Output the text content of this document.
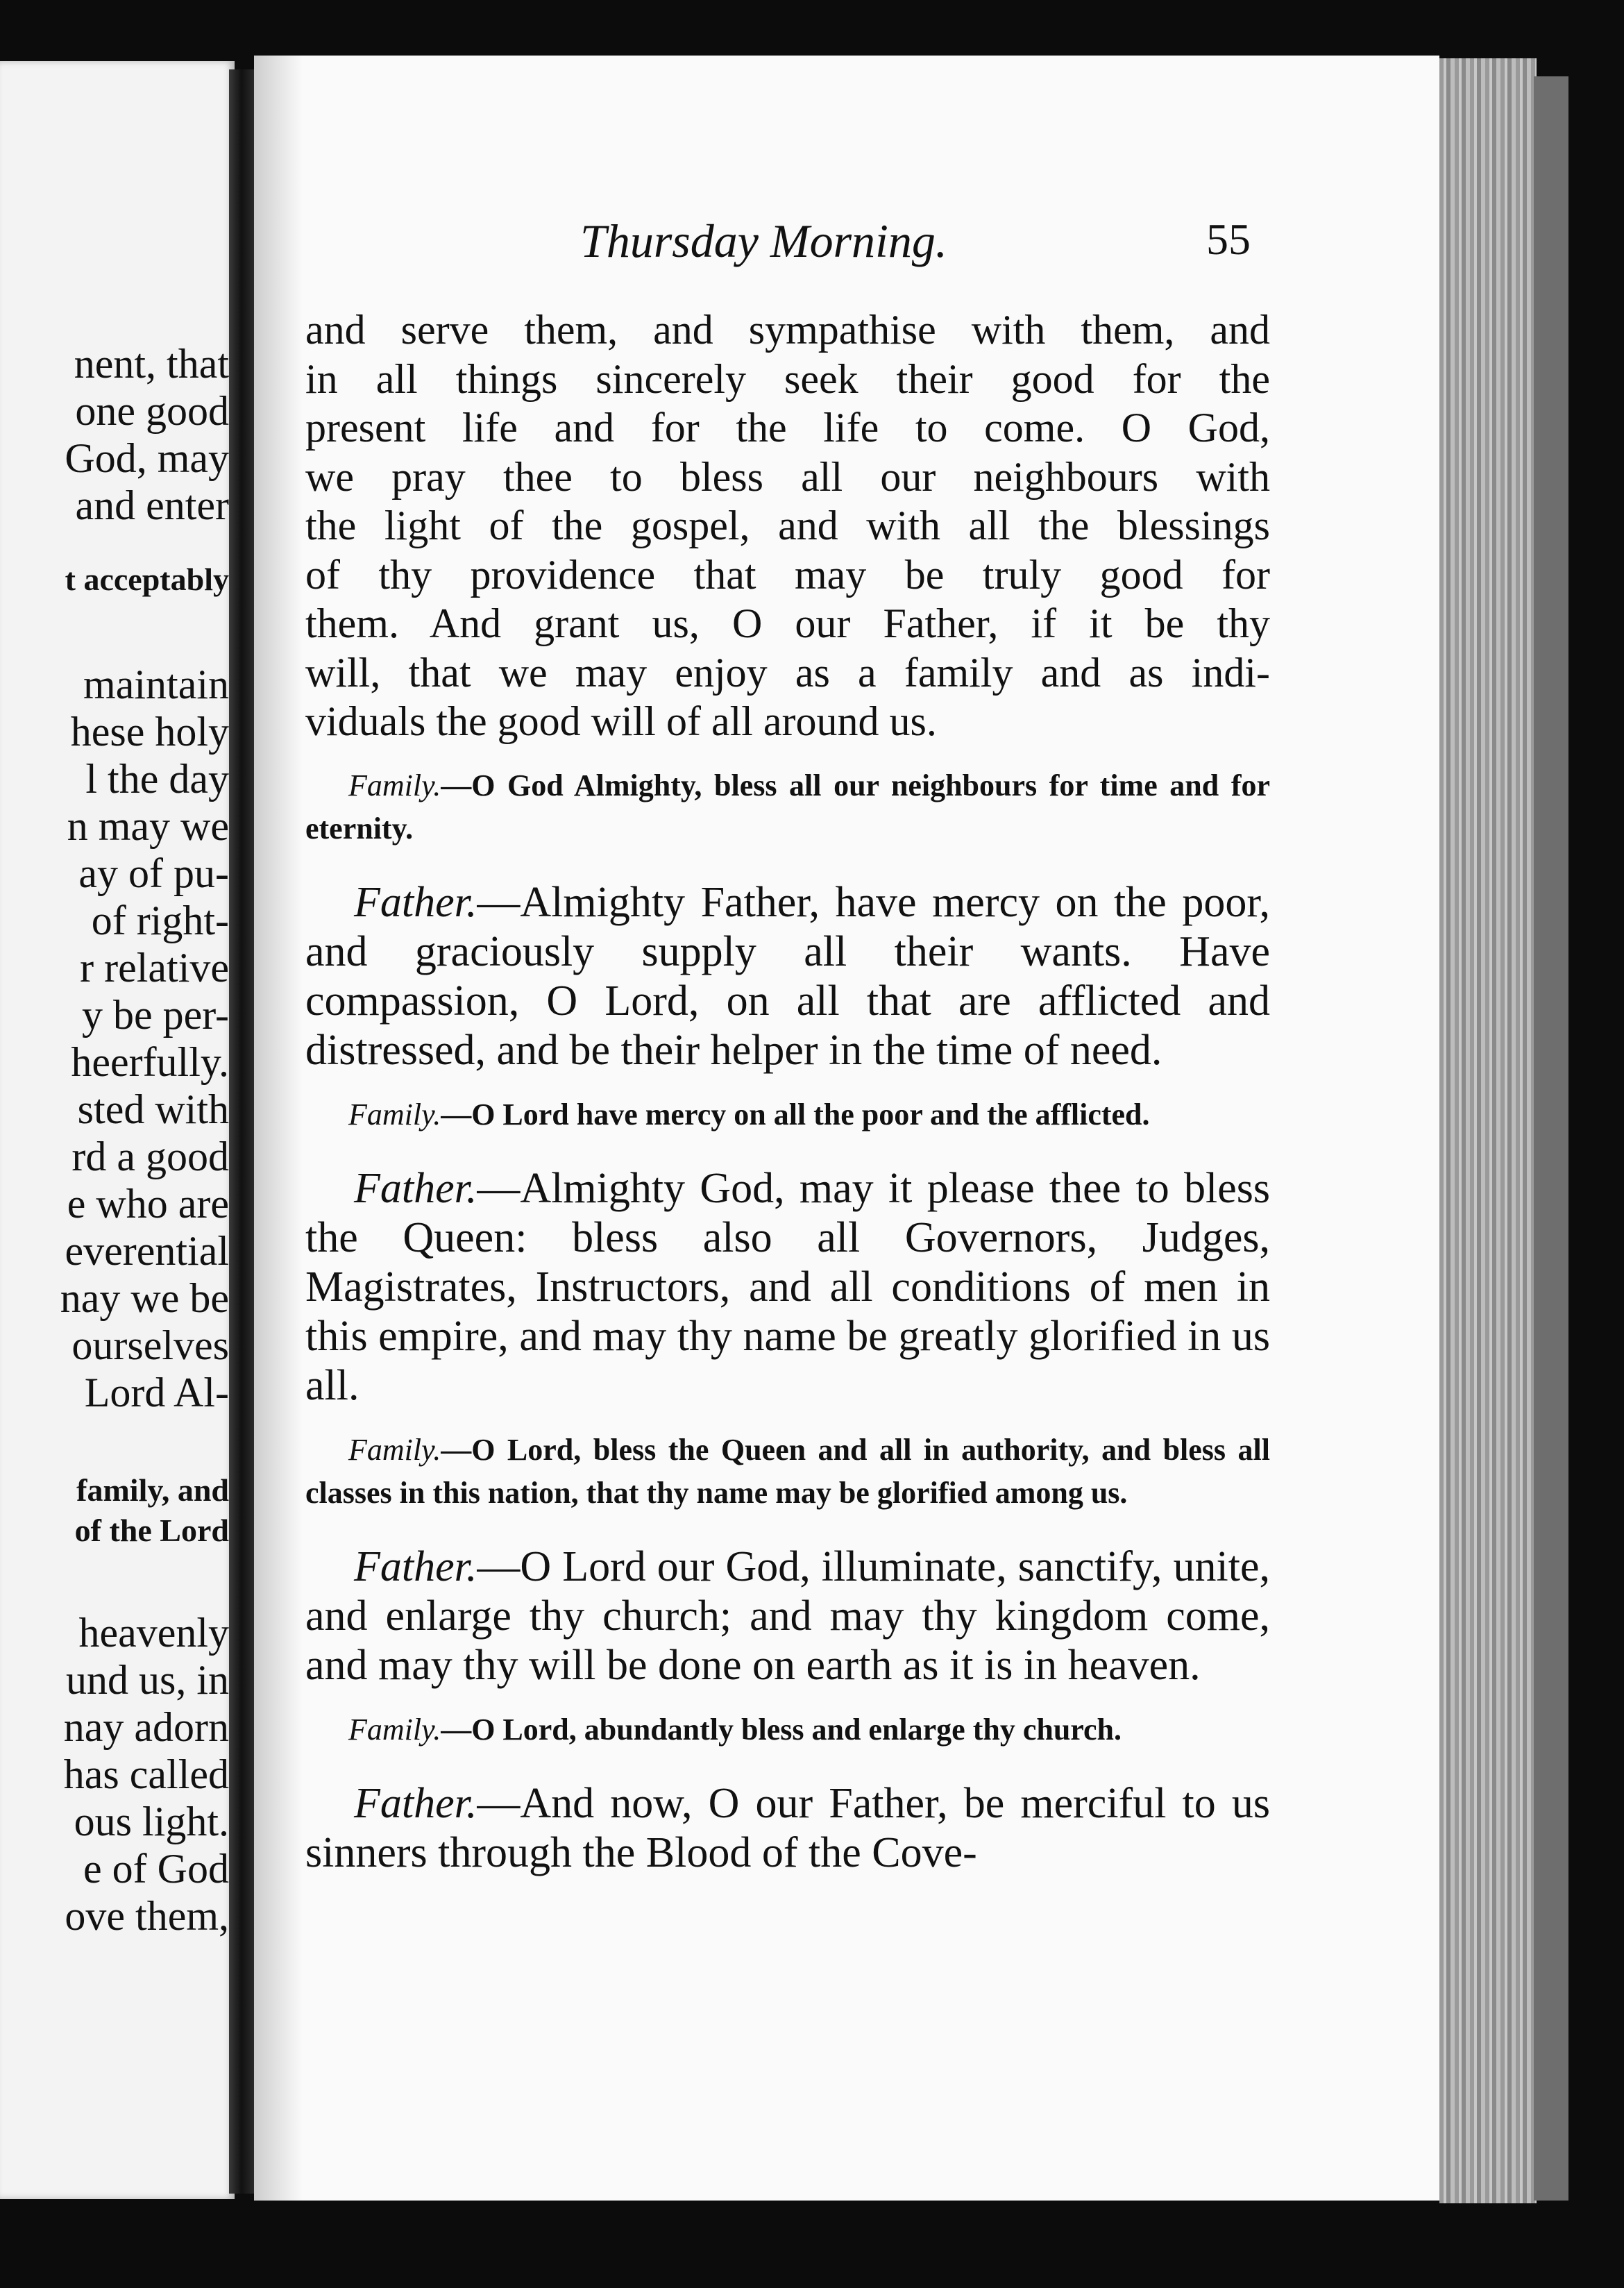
nent, that
one good
God, may
and enter
t acceptably
maintain
hese holy
l the day
n may we
ay of pu-
of right-
r relative
y be per-
heerfully.
sted with
rd a good
e who are
everential
nay we be
ourselves
Lord Al-
family, and
of the Lord
heavenly
und us, in
nay adorn
has called
ous light.
e of God
ove them,
Thursday Morning.	55

and serve them, and sympathise with them, and
in all things sincerely seek their good for the
present life and for the life to come. O God,
we pray thee to bless all our neighbours with
the light of the gospel, and with all the blessings
of thy providence that may be truly good for
them. And grant us, O our Father, if it be thy
will, that we may enjoy as a family and as indi-
viduals the good will of all around us.

Family.—O God Almighty, bless all our neighbours for time and for eternity.

Father.—Almighty Father, have mercy on the poor, and graciously supply all their wants. Have compassion, O Lord, on all that are afflicted and distressed, and be their helper in the time of need.

Family.—O Lord have mercy on all the poor and the afflicted.

Father.—Almighty God, may it please thee to bless the Queen: bless also all Governors, Judges, Magistrates, Instructors, and all conditions of men in this empire, and may thy name be greatly glorified in us all.

Family.—O Lord, bless the Queen and all in authority, and bless all classes in this nation, that thy name may be glorified among us.

Father.—O Lord our God, illuminate, sanctify, unite, and enlarge thy church; and may thy kingdom come, and may thy will be done on earth as it is in heaven.

Family.—O Lord, abundantly bless and enlarge thy church.

Father.—And now, O our Father, be merciful to us sinners through the Blood of the Cove-
